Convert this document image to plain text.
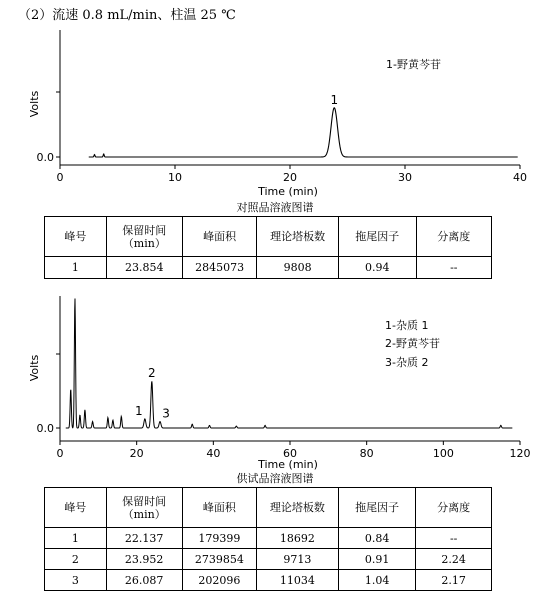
（2）流速 0.8 mL/min、柱温 25 ℃
0.0
0	10	20	30	40
1
Volts
Time (min)
1-野黄芩苷
对照品溶液图谱
峰号	保留时间
（min）	峰面积	理论塔板数	拖尾因子	分离度
1	23.854	2845073	9808	0.94	--
0.0
0	20	40	60	80	100	120
1
2
3
Volts
Time (min)
1-杂质 1
2-野黄芩苷
3-杂质 2
供试品溶液图谱
峰号	保留时间
（min）	峰面积	理论塔板数	拖尾因子	分离度
1	22.137	179399	18692	0.84	--
2	23.952	2739854	9713	0.91	2.24
3	26.087	202096	11034	1.04	2.17
